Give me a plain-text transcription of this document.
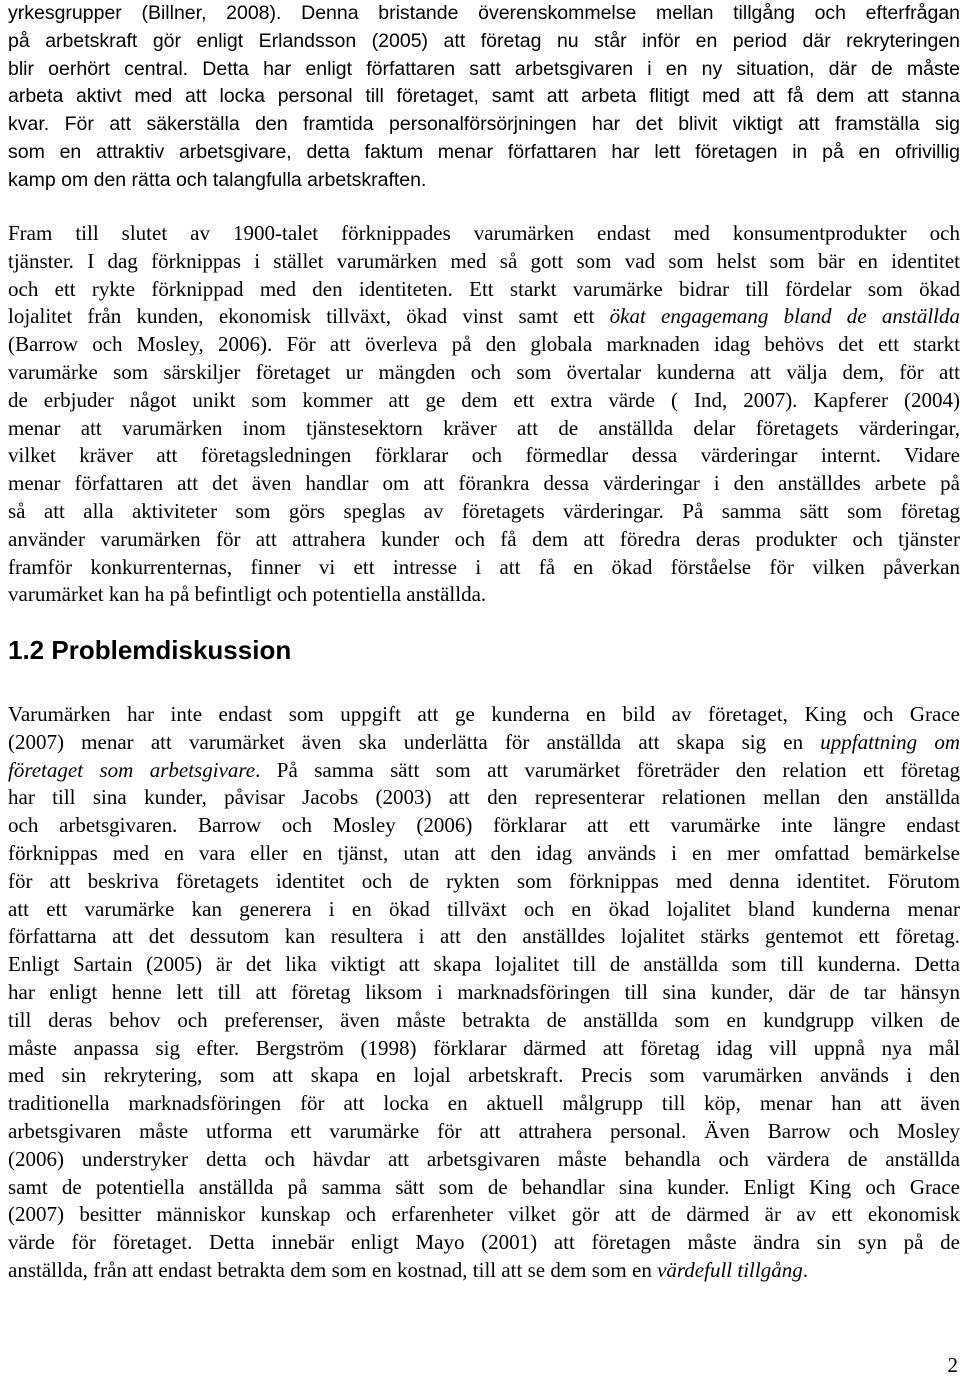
yrkesgrupper (Billner, 2008). Denna bristande överenskommelse mellan tillgång och efterfrågan
på arbetskraft gör enligt Erlandsson (2005) att företag nu står inför en period där rekryteringen
blir oerhört central. Detta har enligt författaren satt arbetsgivaren i en ny situation, där de måste
arbeta aktivt med att locka personal till företaget, samt att arbeta flitigt med att få dem att stanna
kvar. För att säkerställa den framtida personalförsörjningen har det blivit viktigt att framställa sig
som en attraktiv arbetsgivare, detta faktum menar författaren har lett företagen in på en ofrivillig
kamp om den rätta och talangfulla arbetskraften.
Fram till slutet av 1900-talet förknippades varumärken endast med konsumentprodukter och
tjänster. I dag förknippas i stället varumärken med så gott som vad som helst som bär en identitet
och ett rykte förknippad med den identiteten. Ett starkt varumärke bidrar till fördelar som ökad
lojalitet från kunden, ekonomisk tillväxt, ökad vinst samt ett ökat engagemang bland de anställda
(Barrow och Mosley, 2006). För att överleva på den globala marknaden idag behövs det ett starkt
varumärke som särskiljer företaget ur mängden och som övertalar kunderna att välja dem, för att
de erbjuder något unikt som kommer att ge dem ett extra värde ( Ind, 2007). Kapferer (2004)
menar att varumärken inom tjänstesektorn kräver att de anställda delar företagets värderingar,
vilket kräver att företagsledningen förklarar och förmedlar dessa värderingar internt. Vidare
menar författaren att det även handlar om att förankra dessa värderingar i den anställdes arbete på
så att alla aktiviteter som görs speglas av företagets värderingar. På samma sätt som företag
använder varumärken för att attrahera kunder och få dem att föredra deras produkter och tjänster
framför konkurrenternas, finner vi ett intresse i att få en ökad förståelse för vilken påverkan
varumärket kan ha på befintligt och potentiella anställda.
1.2 Problemdiskussion
Varumärken har inte endast som uppgift att ge kunderna en bild av företaget, King och Grace
(2007) menar att varumärket även ska underlätta för anställda att skapa sig en uppfattning om
företaget som arbetsgivare. På samma sätt som att varumärket företräder den relation ett företag
har till sina kunder, påvisar Jacobs (2003) att den representerar relationen mellan den anställda
och arbetsgivaren. Barrow och Mosley (2006) förklarar att ett varumärke inte längre endast
förknippas med en vara eller en tjänst, utan att den idag används i en mer omfattad bemärkelse
för att beskriva företagets identitet och de rykten som förknippas med denna identitet. Förutom
att ett varumärke kan generera i en ökad tillväxt och en ökad lojalitet bland kunderna menar
författarna att det dessutom kan resultera i att den anställdes lojalitet stärks gentemot ett företag.
Enligt Sartain (2005) är det lika viktigt att skapa lojalitet till de anställda som till kunderna. Detta
har enligt henne lett till att företag liksom i marknadsföringen till sina kunder, där de tar hänsyn
till deras behov och preferenser, även måste betrakta de anställda som en kundgrupp vilken de
måste anpassa sig efter. Bergström (1998) förklarar därmed att företag idag vill uppnå nya mål
med sin rekrytering, som att skapa en lojal arbetskraft. Precis som varumärken används i den
traditionella marknadsföringen för att locka en aktuell målgrupp till köp, menar han att även
arbetsgivaren måste utforma ett varumärke för att attrahera personal. Även Barrow och Mosley
(2006) understryker detta och hävdar att arbetsgivaren måste behandla och värdera de anställda
samt de potentiella anställda på samma sätt som de behandlar sina kunder. Enligt King och Grace
(2007) besitter människor kunskap och erfarenheter vilket gör att de därmed är av ett ekonomisk
värde för företaget. Detta innebär enligt Mayo (2001) att företagen måste ändra sin syn på de
anställda, från att endast betrakta dem som en kostnad, till att se dem som en värdefull tillgång.
2
